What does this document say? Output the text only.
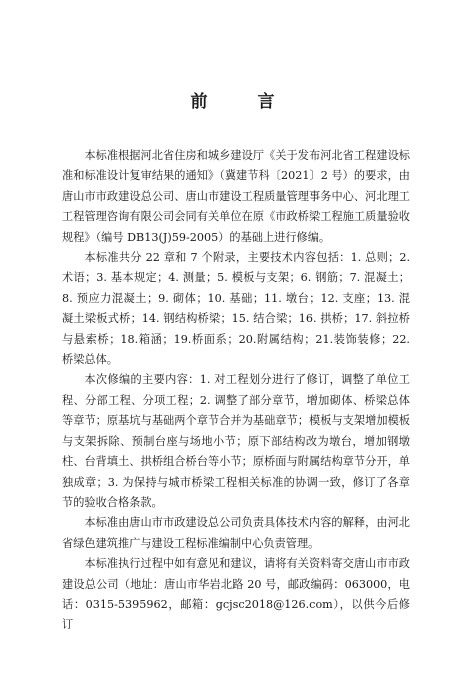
前 言

本标准根据河北省住房和城乡建设厅《关于发布河北省工程建设标准和标准设计复审结果的通知》（冀建节科〔2021〕2 号）的要求，由唐山市市政建设总公司、唐山市建设工程质量管理事务中心、河北理工工程管理咨询有限公司会同有关单位在原《市政桥梁工程施工质量验收规程》（编号 DB13(J)59-2005）的基础上进行修编。

本标准共分 22 章和 7 个附录，主要技术内容包括：1. 总则；2. 术语；3. 基本规定；4. 测量；5. 模板与支架；6. 钢筋；7. 混凝土；8. 预应力混凝土；9. 砌体；10. 基础；11. 墩台；12. 支座；13. 混凝土梁板式桥；14. 钢结构桥梁；15. 结合梁；16. 拱桥；17. 斜拉桥与悬索桥；18.箱涵；19.桥面系；20.附属结构；21.装饰装修；22. 桥梁总体。

本次修编的主要内容：1. 对工程划分进行了修订，调整了单位工程、分部工程、分项工程；2. 调整了部分章节，增加砌体、桥梁总体等章节；原基坑与基础两个章节合并为基础章节；模板与支架增加模板与支架拆除、预制台座与场地小节；原下部结构改为墩台，增加钢墩柱、台背填土、拱桥组合桥台等小节；原桥面与附属结构章节分开，单独成章；3. 为保持与城市桥梁工程相关标准的协调一致，修订了各章节的验收合格条款。

本标准由唐山市市政建设总公司负责具体技术内容的解释，由河北省绿色建筑推广与建设工程标准编制中心负责管理。

本标准执行过程中如有意见和建议，请将有关资料寄交唐山市市政建设总公司（地址：唐山市华岩北路 20 号，邮政编码：063000，电话：0315-5395962，邮箱：gcjsc2018@126.com），以供今后修订
